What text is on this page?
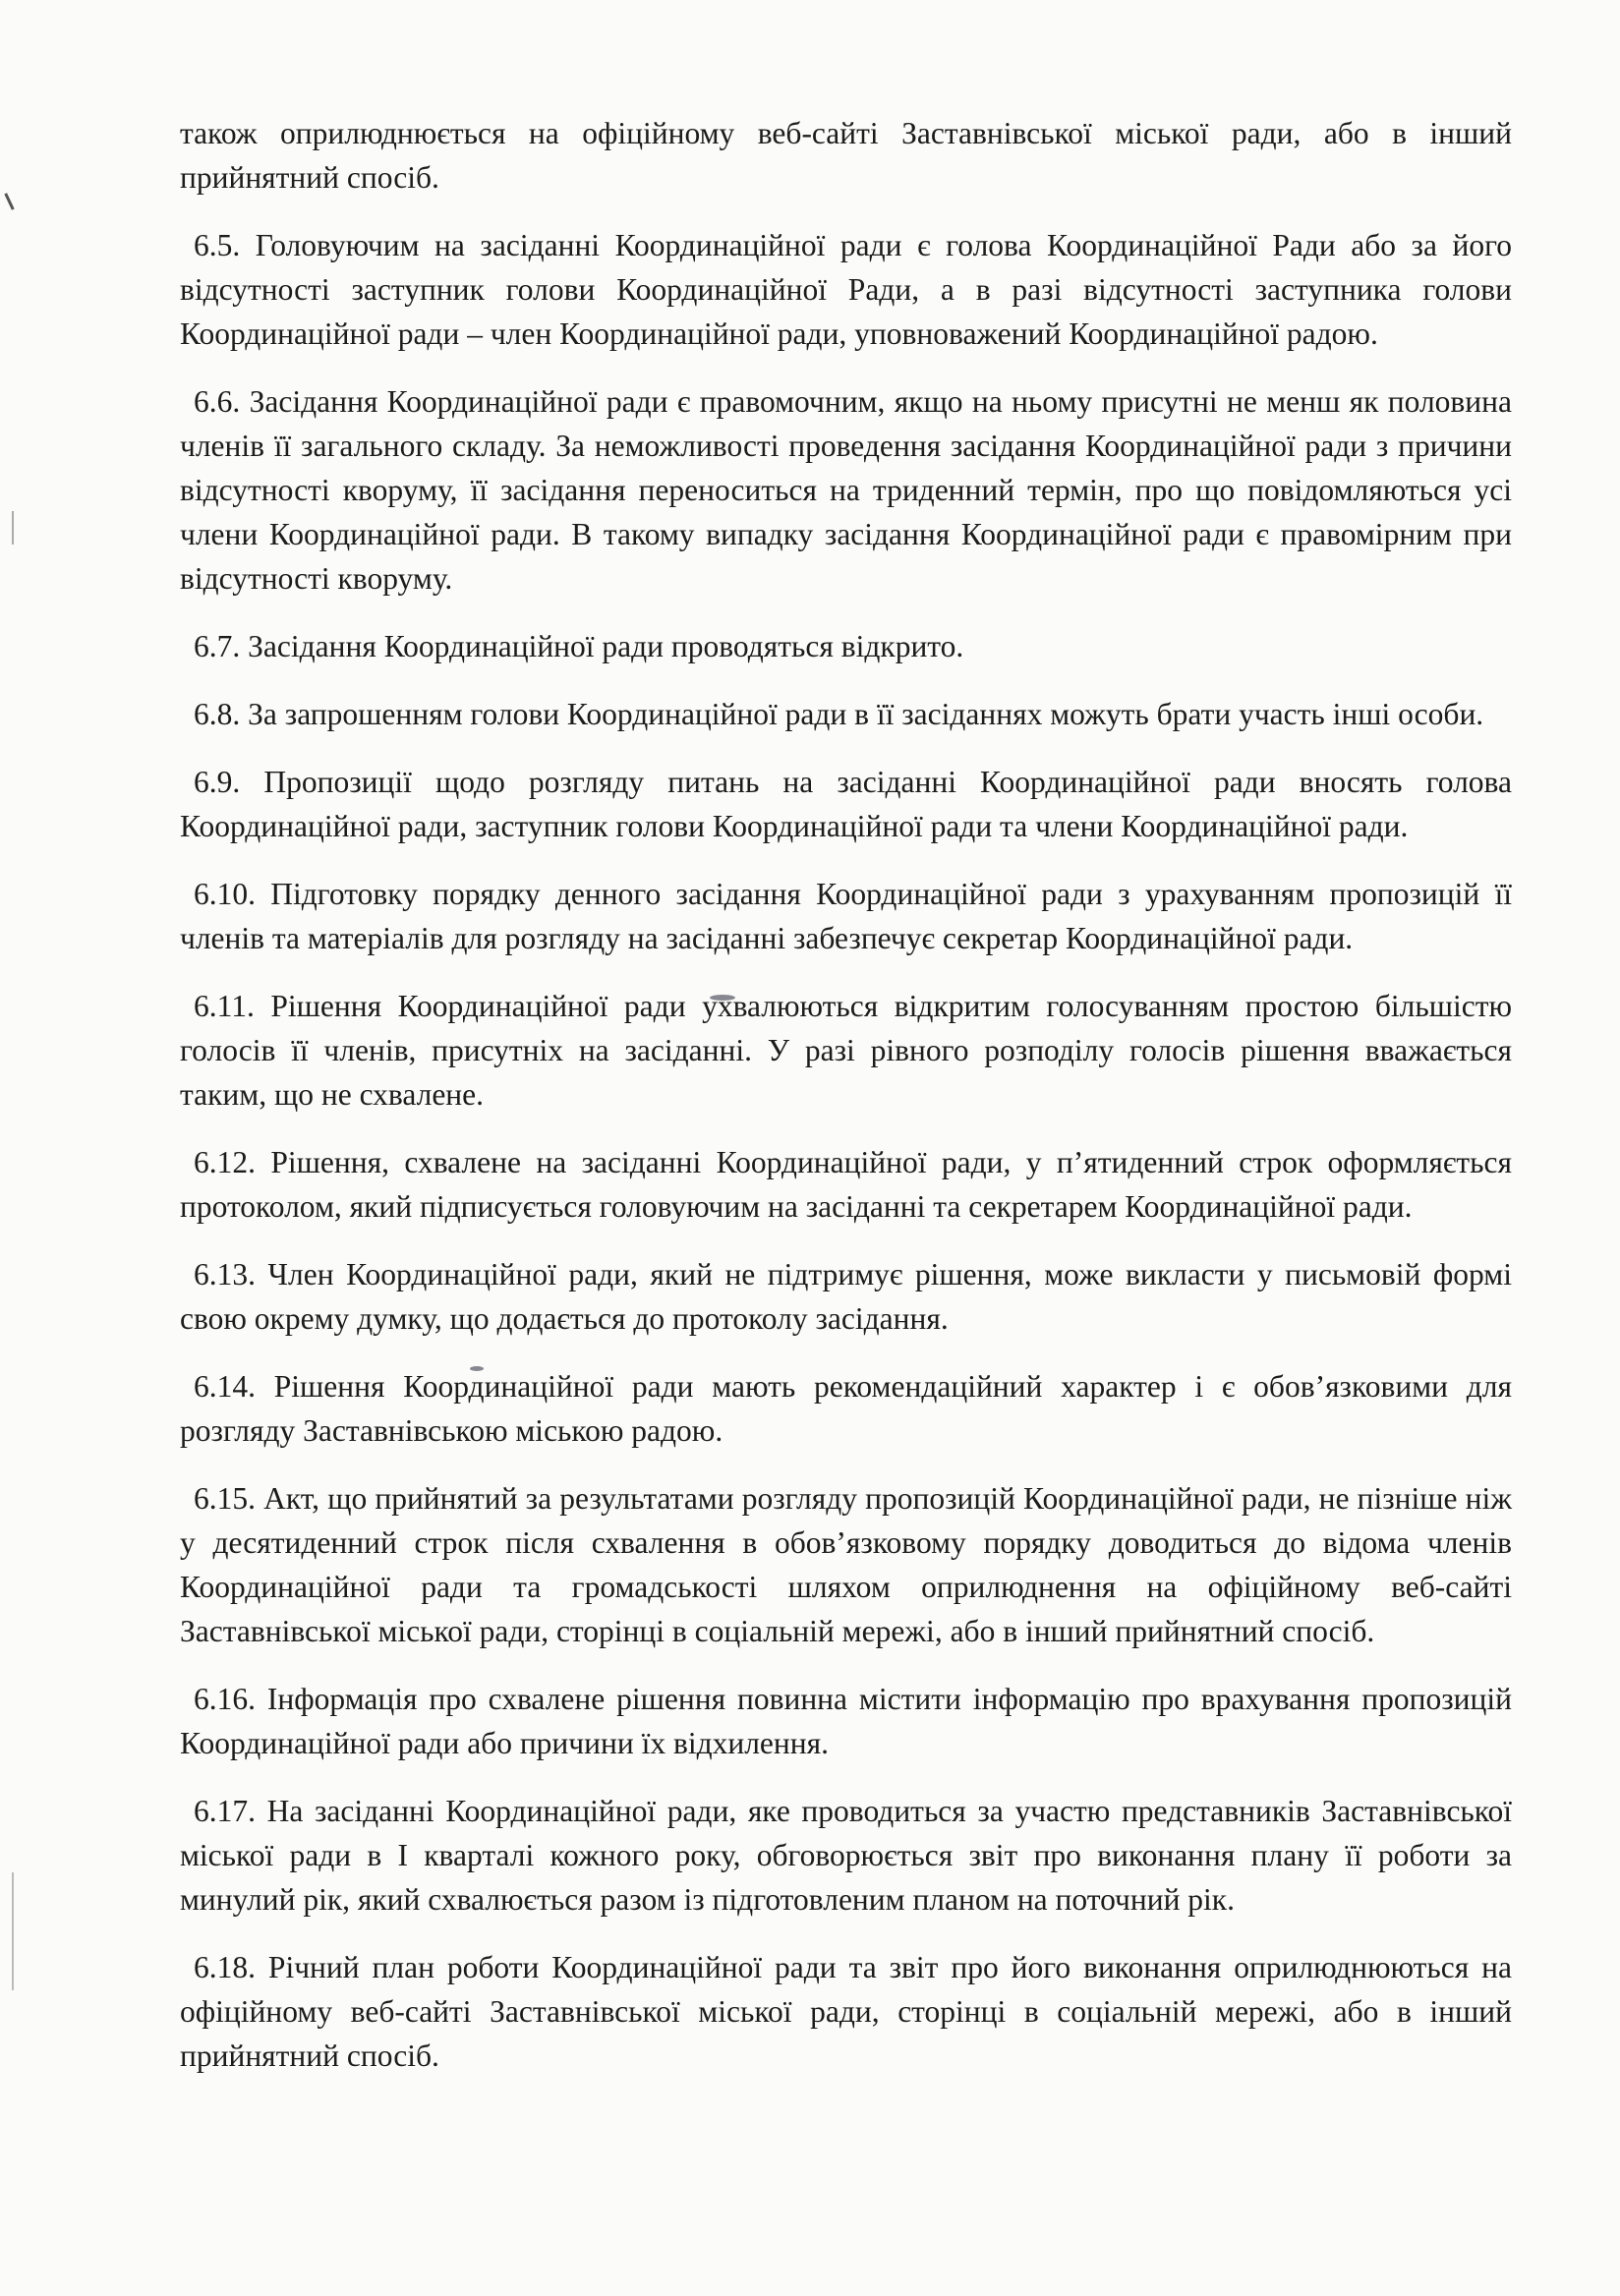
також оприлюднюється на офіційному веб-сайті Заставнівської міської ради, або в інший прийнятний спосіб.

6.5. Головуючим на засіданні Координаційної ради є голова Координаційної Ради або за його відсутності заступник голови Координаційної Ради, а в разі відсутності заступника голови Координаційної ради – член Координаційної ради, уповноважений Координаційної радою.

6.6. Засідання Координаційної ради є правомочним, якщо на ньому присутні не менш як половина членів її загального складу. За неможливості проведення засідання Координаційної ради з причини відсутності кворуму, її засідання переноситься на триденний термін, про що повідомляються усі члени Координаційної ради. В такому випадку засідання Координаційної ради є правомірним при відсутності кворуму.

6.7. Засідання Координаційної ради проводяться відкрито.

6.8. За запрошенням голови Координаційної ради в її засіданнях можуть брати участь інші особи.

6.9. Пропозиції щодо розгляду питань на засіданні Координаційної ради вносять голова Координаційної ради, заступник голови Координаційної ради та члени Координаційної ради.

6.10. Підготовку порядку денного засідання Координаційної ради з урахуванням пропозицій її членів та матеріалів для розгляду на засіданні забезпечує секретар Координаційної ради.

6.11. Рішення Координаційної ради ухвалюються відкритим голосуванням простою більшістю голосів її членів, присутніх на засіданні. У разі рівного розподілу голосів рішення вважається таким, що не схвалене.

6.12. Рішення, схвалене на засіданні Координаційної ради, у п’ятиденний строк оформляється протоколом, який підписується головуючим на засіданні та секретарем Координаційної ради.

6.13. Член Координаційної ради, який не підтримує рішення, може викласти у письмовій формі свою окрему думку, що додається до протоколу засідання.

6.14. Рішення Координаційної ради мають рекомендаційний характер і є обов’язковими для розгляду Заставнівською міською радою.

6.15. Акт, що прийнятий за результатами розгляду пропозицій Координаційної ради, не пізніше ніж у десятиденний строк після схвалення в обов’язковому порядку доводиться до відома членів Координаційної ради та громадськості шляхом оприлюднення на офіційному веб-сайті Заставнівської міської ради, сторінці в соціальній мережі, або в інший прийнятний спосіб.

6.16. Інформація про схвалене рішення повинна містити інформацію про врахування пропозицій Координаційної ради або причини їх відхилення.

6.17. На засіданні Координаційної ради, яке проводиться за участю представників Заставнівської міської ради в І кварталі кожного року, обговорюється звіт про виконання плану її роботи за минулий рік, який схвалюється разом із підготовленим планом на поточний рік.

6.18. Річний план роботи Координаційної ради та звіт про його виконання оприлюднюються на офіційному веб-сайті Заставнівської міської ради, сторінці в соціальній мережі, або в інший прийнятний спосіб.
